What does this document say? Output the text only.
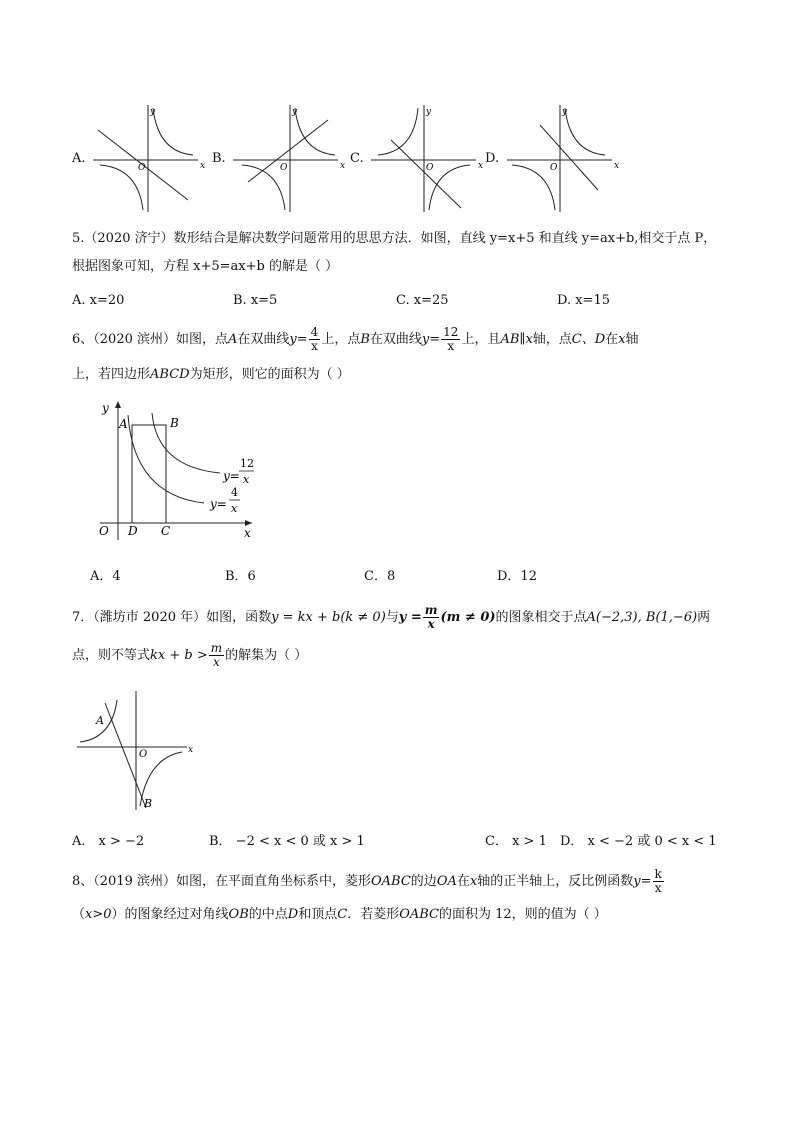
A.
y
x
O
B.
y
x
O
C.
y
x
O
D.
y
x
O
5.（2020 济宁）数形结合是解决数学问题常用的思思方法．如图，直线 y=x+5 和直线 y=ax+b,相交于点 P，
根据图象可知，方程 x+5=ax+b 的解是（ ）
A. x=20	B. x=5	C. x=25	D. x=15
6、（2020 滨州）如图，点A在双曲线$y= \frac{4}{x}$ 上，点B在双曲线$y= \frac{12}{x}$ 上，且AB∥x轴，点C、D在x轴
上，若四边形ABCD为矩形，则它的面积为（ ）
y
x
O
A	B
D C
y=
12
x
y=
4
x
A．4	B．6	C．8	D．12
7．（潍坊市 2020 年）如图，函数y = kx + b(k ≠ 0)与$y = \frac{m}{x} (m \ne 0)$的图象相交于点A(−2,3), B(1,−6)两
点，则不等式kx + $b > \frac{m}{x}$ 的解集为（ ）
A
B
O	x
A． x > −2	B． −2 < x < 0 或 x > 1	C． x > 1 D． x < −2 或 0 < x < 1
8、（2019 滨州）如图，在平面直角坐标系中，菱形OABC的边OA在x轴的正半轴上，反比例函数$y= \frac{k}{x}$
（x>0）的图象经过对角线OB的中点D和顶点C．若菱形OABC的面积为 12，则的值为（ ）
